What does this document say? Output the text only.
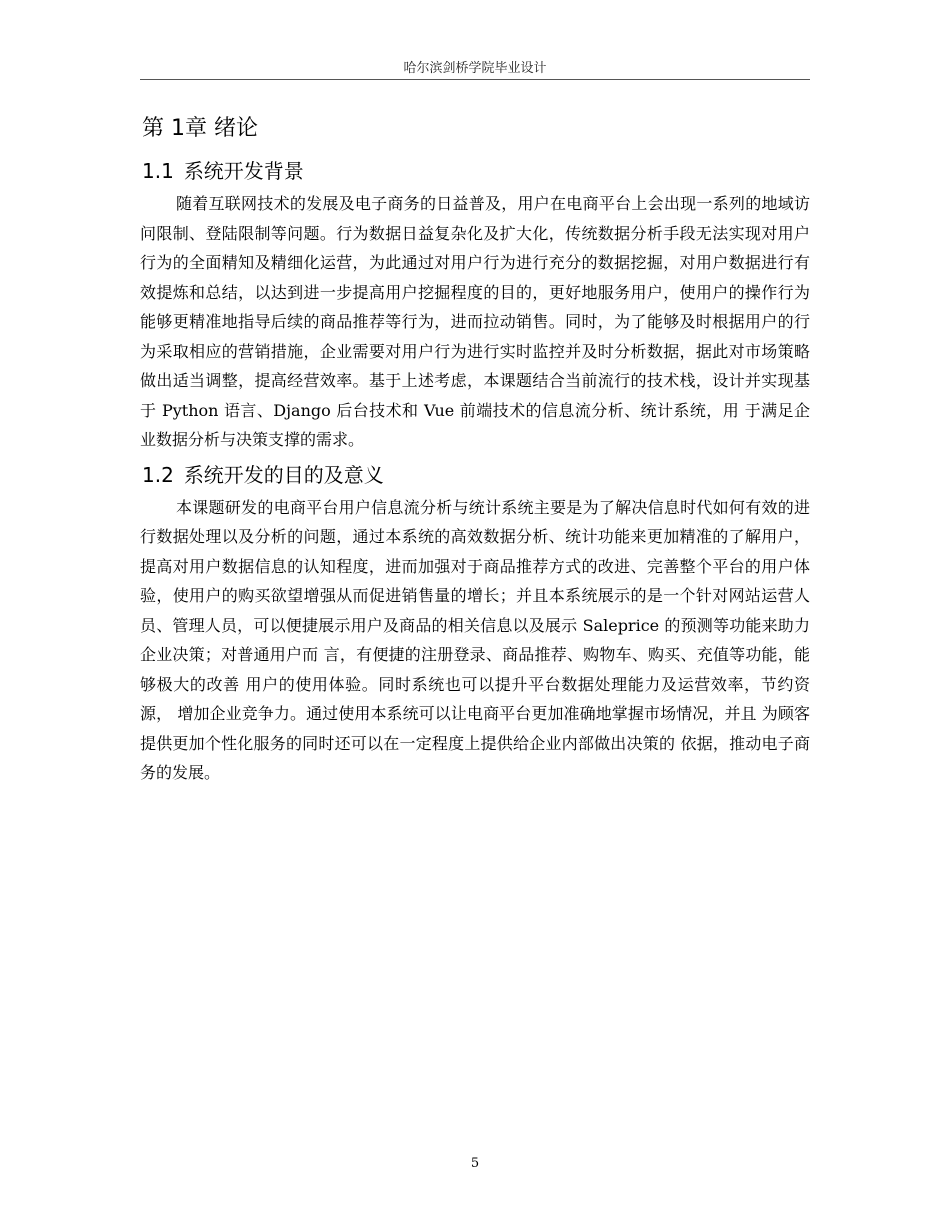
哈尔滨剑桥学院毕业设计
第 1章 绪论
1.1 系统开发背景

随着互联网技术的发展及电子商务的日益普及，用户在电商平台上会出现一系列的地域访问限制、登陆限制等问题。行为数据日益复杂化及扩大化，传统数据分析手段无法实现对用户行为的全面精知及精细化运营，为此通过对用户行为进行充分的数据挖掘，对用户数据进行有效提炼和总结，以达到进一步提高用户挖掘程度的目的，更好地服务用户，使用户的操作行为能够更精准地指导后续的商品推荐等行为，进而拉动销售。同时，为了能够及时根据用户的行为采取相应的营销措施，企业需要对用户行为进行实时监控并及时分析数据，据此对市场策略做出适当调整，提高经营效率。基于上述考虑，本课题结合当前流行的技术栈，设计并实现基于 Python 语言、Django 后台技术和 Vue 前端技术的信息流分析、统计系统，用 于满足企业数据分析与决策支撑的需求。

1.2 系统开发的目的及意义

本课题研发的电商平台用户信息流分析与统计系统主要是为了解决信息时代如何有效的进行数据处理以及分析的问题，通过本系统的高效数据分析、统计功能来更加精准的了解用户，提高对用户数据信息的认知程度，进而加强对于商品推荐方式的改进、完善整个平台的用户体验，使用户的购买欲望增强从而促进销售量的增长；并且本系统展示的是一个针对网站运营人员、管理人员，可以便捷展示用户及商品的相关信息以及展示 Saleprice 的预测等功能来助力企业决策；对普通用户而 言，有便捷的注册登录、商品推荐、购物车、购买、充值等功能，能够极大的改善 用户的使用体验。同时系统也可以提升平台数据处理能力及运营效率，节约资源， 增加企业竞争力。通过使用本系统可以让电商平台更加准确地掌握市场情况，并且 为顾客提供更加个性化服务的同时还可以在一定程度上提供给企业内部做出决策的 依据，推动电子商务的发展。

5
